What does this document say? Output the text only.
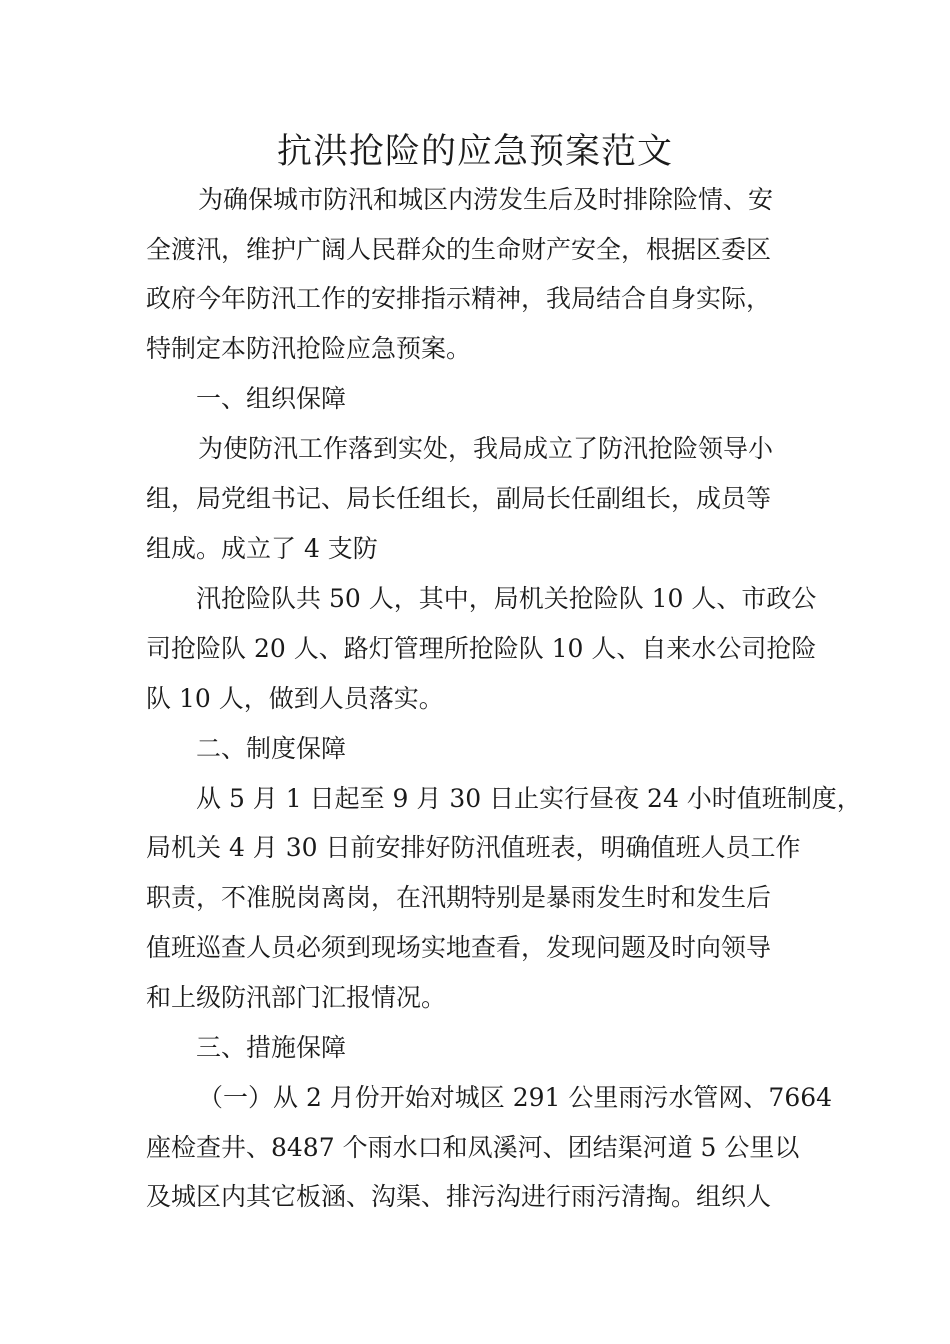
抗洪抢险的应急预案范文
为确保城市防汛和城区内涝发生后及时排除险情、安
全渡汛，维护广阔人民群众的生命财产安全，根据区委区
政府今年防汛工作的安排指示精神，我局结合自身实际，
特制定本防汛抢险应急预案。
一、组织保障
为使防汛工作落到实处，我局成立了防汛抢险领导小
组，局党组书记、局长任组长，副局长任副组长，成员等
组成。成立了 4 支防
汛抢险队共 50 人，其中，局机关抢险队 10 人、市政公
司抢险队 20 人、路灯管理所抢险队 10 人、自来水公司抢险
队 10 人，做到人员落实。
二、制度保障
从 5 月 1 日起至 9 月 30 日止实行昼夜 24 小时值班制度，
局机关 4 月 30 日前安排好防汛值班表，明确值班人员工作
职责，不准脱岗离岗，在汛期特别是暴雨发生时和发生后
值班巡查人员必须到现场实地查看，发现问题及时向领导
和上级防汛部门汇报情况。
三、措施保障
（一）从 2 月份开始对城区 291 公里雨污水管网、7664
座检查井、8487 个雨水口和凤溪河、团结渠河道 5 公里以
及城区内其它板涵、沟渠、排污沟进行雨污清掏。组织人
